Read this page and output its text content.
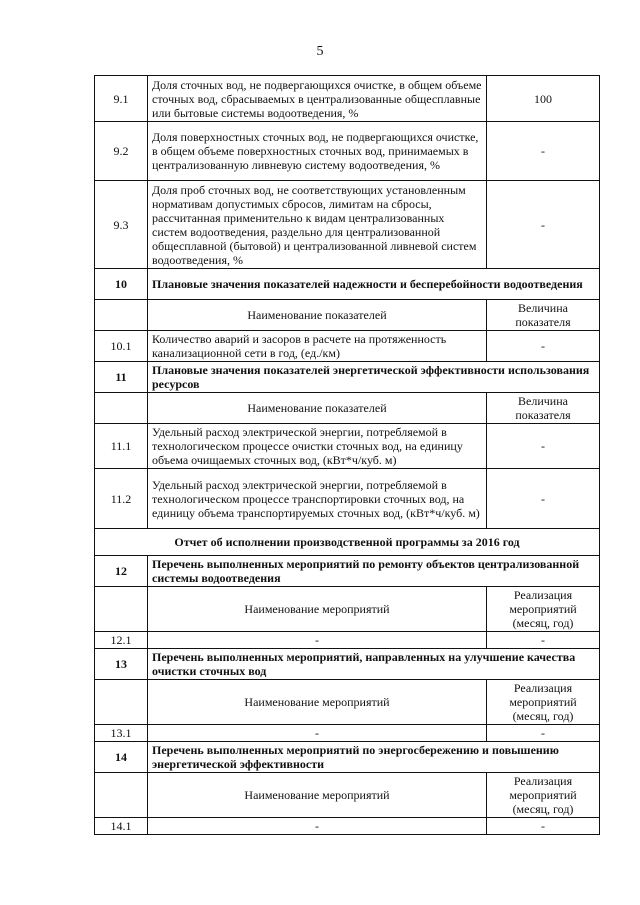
5
9.1	Доля сточных вод, не подвергающихся очистке, в общем объеме сточных вод, сбрасываемых в централизованные общесплавные или бытовые системы водоотведения, %	100
9.2	Доля поверхностных сточных вод, не подвергающихся очистке, в общем объеме поверхностных сточных вод, принимаемых в централизованную ливневую систему водоотведения, %	-
9.3	Доля проб сточных вод, не соответствующих установленным нормативам допустимых сбросов, лимитам на сбросы, рассчитанная применительно к видам централизованных систем водоотведения, раздельно для централизованной общесплавной (бытовой) и централизованной ливневой систем водоотведения, %	-
10	Плановые значения показателей надежности и бесперебойности водоотведения	
	Наименование показателей	Величина показателя
10.1	Количество аварий и засоров в расчете на протяженность канализационной сети в год, (ед./км)	-
11	Плановые значения показателей энергетической эффективности использования ресурсов	
	Наименование показателей	Величина показателя
11.1	Удельный расход электрической энергии, потребляемой в технологическом процессе очистки сточных вод, на единицу объема очищаемых сточных вод, (кВт*ч/куб. м)	-
11.2	Удельный расход электрической энергии, потребляемой в технологическом процессе транспортировки сточных вод, на единицу объема транспортируемых сточных вод, (кВт*ч/куб. м)	-
Отчет об исполнении производственной программы за 2016 год		
12	Перечень выполненных мероприятий по ремонту объектов централизованной системы водоотведения	
	Наименование мероприятий	Реализация мероприятий (месяц, год)
12.1	-	-
13	Перечень выполненных мероприятий, направленных на улучшение качества очистки сточных вод	
	Наименование мероприятий	Реализация мероприятий (месяц, год)
13.1	-	-
14	Перечень выполненных мероприятий по энергосбережению и повышению энергетической эффективности	
	Наименование мероприятий	Реализация мероприятий (месяц, год)
14.1	-	-
